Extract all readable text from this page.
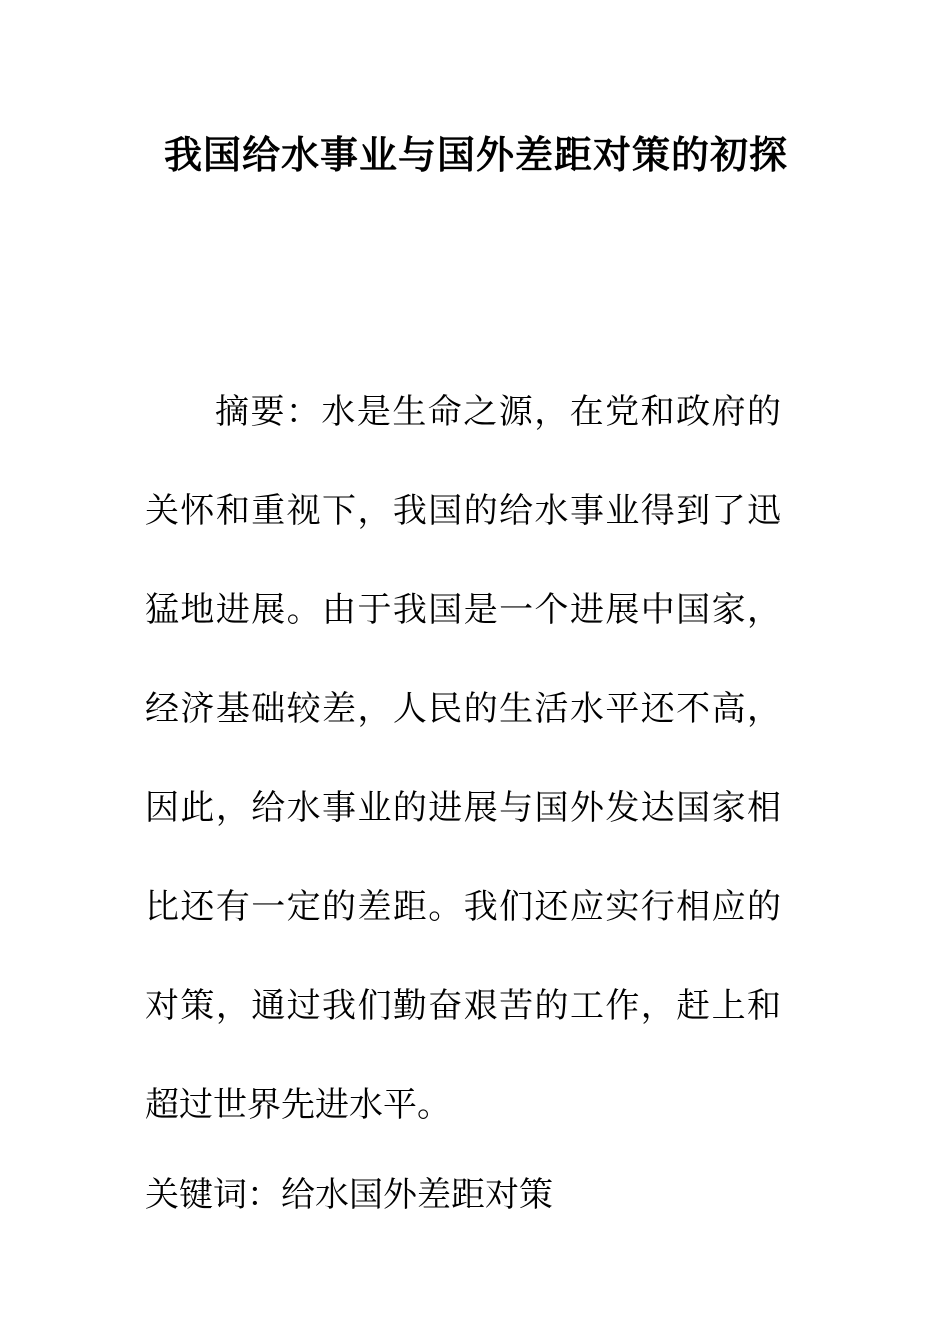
我国给水事业与国外差距对策的初探

摘要：水是生命之源，在党和政府的关怀和重视下，我国的给水事业得到了迅猛地进展。由于我国是一个进展中国家，经济基础较差，人民的生活水平还不高，因此，给水事业的进展与国外发达国家相比还有一定的差距。我们还应实行相应的对策，通过我们勤奋艰苦的工作，赶上和超过世界先进水平。

关键词：给水国外差距对策
